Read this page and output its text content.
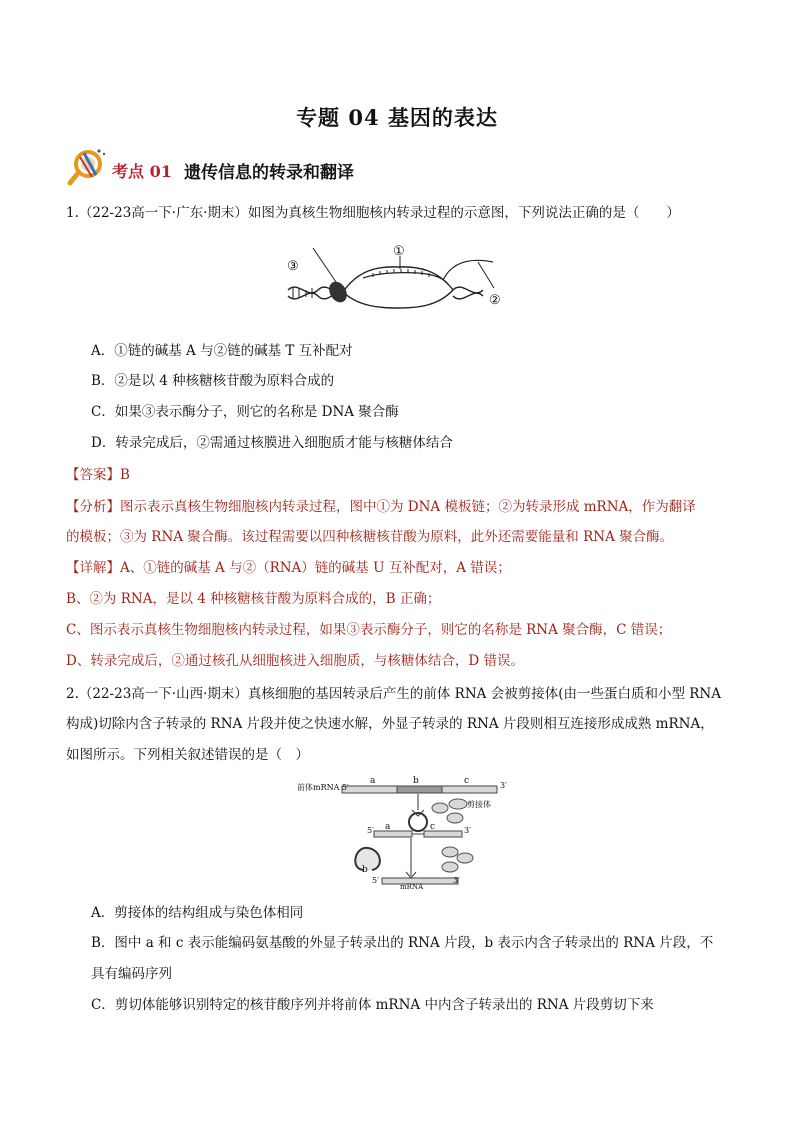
专题 04 基因的表达
考点 01 遗传信息的转录和翻译
1.（22-23高一下·广东·期末）如图为真核生物细胞核内转录过程的示意图，下列说法正确的是（　　）
①
②
③
A．①链的碱基 A 与②链的碱基 T 互补配对
B．②是以 4 种核糖核苷酸为原料合成的
C．如果③表示酶分子，则它的名称是 DNA 聚合酶
D．转录完成后，②需通过核膜进入细胞质才能与核糖体结合
【答案】B
【分析】图示表示真核生物细胞核内转录过程，图中①为 DNA 模板链；②为转录形成 mRNA，作为翻译
的模板；③为 RNA 聚合酶。该过程需要以四种核糖核苷酸为原料，此外还需要能量和 RNA 聚合酶。
【详解】A、①链的碱基 A 与②（RNA）链的碱基 U 互补配对，A 错误；
B、②为 RNA，是以 4 种核糖核苷酸为原料合成的，B 正确；
C、图示表示真核生物细胞核内转录过程，如果③表示酶分子，则它的名称是 RNA 聚合酶，C 错误；
D、转录完成后，②通过核孔从细胞核进入细胞质，与核糖体结合，D 错误。
2.（22-23高一下·山西·期末）真核细胞的基因转录后产生的前体 RNA 会被剪接体(由一些蛋白质和小型 RNA
构成)切除内含子转录的 RNA 片段并使之快速水解，外显子转录的 RNA 片段则相互连接形成成熟 mRNA，
如图所示。下列相关叙述错误的是（　）
前体mRNA 5′
a	b	c	3′
剪接体
5′ a	c	3′
b
5′	3′
mRNA
A．剪接体的结构组成与染色体相同
B．图中 a 和 c 表示能编码氨基酸的外显子转录出的 RNA 片段，b 表示内含子转录出的 RNA 片段，不
具有编码序列
C．剪切体能够识别特定的核苷酸序列并将前体 mRNA 中内含子转录出的 RNA 片段剪切下来
